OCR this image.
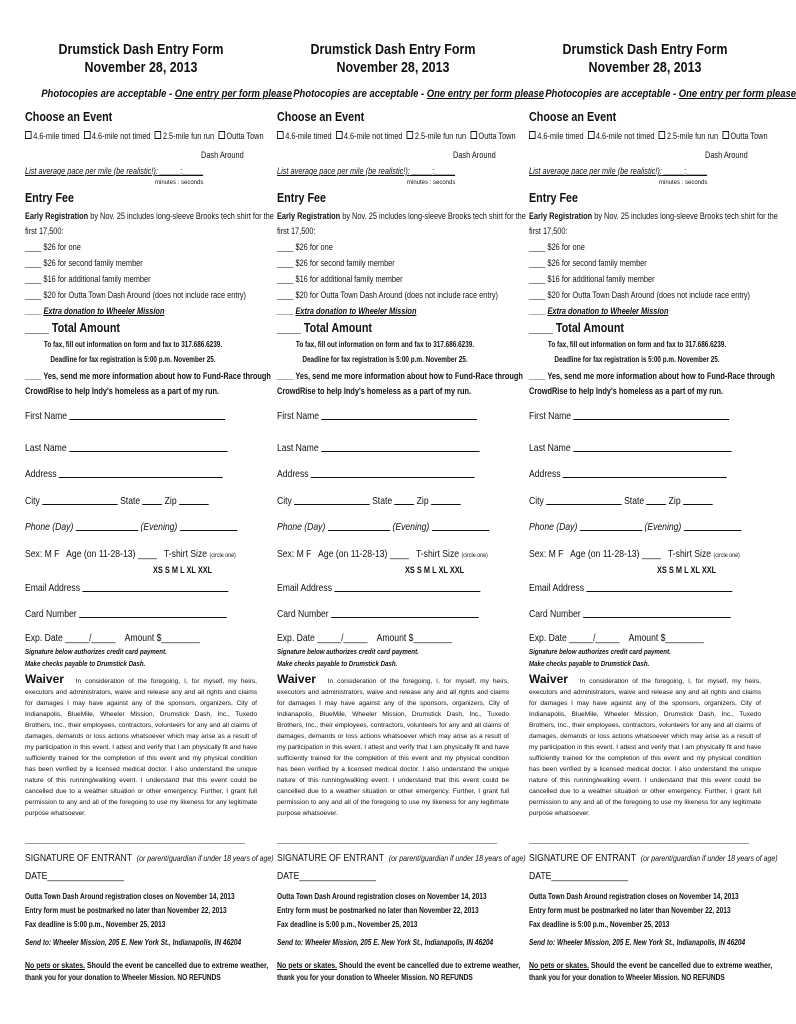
Drumstick Dash Entry Form
November 28, 2013
Photocopies are acceptable - One entry per form please
Choose an Event
4.6-mile timed 4.6-mile not timed 2.5-mile fun run Outta Town
Dash Around
List average pace per mile (be realistic!): _____:_____
minutes : seconds
Entry Fee
Early Registration by Nov. 25 includes long-sleeve Brooks tech shirt for the
first 17,500:
____ $26 for one
____ $26 for second family member
____ $16 for additional family member
____ $20 for Outta Town Dash Around (does not include race entry)
____ Extra donation to Wheeler Mission
____ Total Amount
To fax, fill out information on form and fax to 317.686.6239.
Deadline for fax registration is 5:00 p.m. November 25.
____ Yes, send me more information about how to Fund-Race through
CrowdRise to help Indy's homeless as a part of my run.
First Name
Last Name
Address
City	State Zip
Phone (Day)	(Evening)
Sex: M F Age (on 11-28-13) ____ T-shirt Size (circle one)
XS S M L XL XXL
Email Address
Card Number
Exp. Date _____/_____ Amount $________
Signature below authorizes credit card payment.
Make checks payable to Drumstick Dash.
Waiver In consideration of the foregoing, I, for myself, my heirs, executors and administrators, waive and release any and all rights and claims for damages I may have against any of the sponsors, organizers, City of Indianapolis, BlueMile, Wheeler Mission, Drumstick Dash, Inc., Tuxedo Brothers, Inc., their employees, contractors, volunteers for any and all claims of damages, demands or loss actions whatsoever which may arise as a result of my participation in this event. I attest and verify that I am physically fit and have sufficiently trained for the completion of this event and my physical condition has been verified by a licensed medical doctor. I also understand the unique nature of this running/walking event. I understand that this event could be cancelled due to a weather situation or other emergency. Further, I grant full permission to any and all of the foregoing to use my likeness for any legitimate purpose whatsoever.
SIGNATURE OF ENTRANT (or parent/guardian if under 18 years of age)
DATE________________
Outta Town Dash Around registration closes on November 14, 2013
Entry form must be postmarked no later than November 22, 2013
Fax deadline is 5:00 p.m., November 25, 2013
Send to: Wheeler Mission, 205 E. New York St., Indianapolis, IN 46204
No pets or skates. Should the event be cancelled due to extreme weather,
thank you for your donation to Wheeler Mission. NO REFUNDS
Drumstick Dash Entry Form
November 28, 2013
Photocopies are acceptable - One entry per form please
Choose an Event
4.6-mile timed 4.6-mile not timed 2.5-mile fun run Outta Town
Dash Around
List average pace per mile (be realistic!): _____:_____
minutes : seconds
Entry Fee
Early Registration by Nov. 25 includes long-sleeve Brooks tech shirt for the
first 17,500:
____ $26 for one
____ $26 for second family member
____ $16 for additional family member
____ $20 for Outta Town Dash Around (does not include race entry)
____ Extra donation to Wheeler Mission
____ Total Amount
To fax, fill out information on form and fax to 317.686.6239.
Deadline for fax registration is 5:00 p.m. November 25.
____ Yes, send me more information about how to Fund-Race through
CrowdRise to help Indy's homeless as a part of my run.
First Name
Last Name
Address
City	State Zip
Phone (Day)	(Evening)
Sex: M F Age (on 11-28-13) ____ T-shirt Size (circle one)
XS S M L XL XXL
Email Address
Card Number
Exp. Date _____/_____ Amount $________
Signature below authorizes credit card payment.
Make checks payable to Drumstick Dash.
Waiver In consideration of the foregoing, I, for myself, my heirs, executors and administrators, waive and release any and all rights and claims for damages I may have against any of the sponsors, organizers, City of Indianapolis, BlueMile, Wheeler Mission, Drumstick Dash, Inc., Tuxedo Brothers, Inc., their employees, contractors, volunteers for any and all claims of damages, demands or loss actions whatsoever which may arise as a result of my participation in this event. I attest and verify that I am physically fit and have sufficiently trained for the completion of this event and my physical condition has been verified by a licensed medical doctor. I also understand the unique nature of this running/walking event. I understand that this event could be cancelled due to a weather situation or other emergency. Further, I grant full permission to any and all of the foregoing to use my likeness for any legitimate purpose whatsoever.
SIGNATURE OF ENTRANT (or parent/guardian if under 18 years of age)
DATE________________
Outta Town Dash Around registration closes on November 14, 2013
Entry form must be postmarked no later than November 22, 2013
Fax deadline is 5:00 p.m., November 25, 2013
Send to: Wheeler Mission, 205 E. New York St., Indianapolis, IN 46204
No pets or skates. Should the event be cancelled due to extreme weather,
thank you for your donation to Wheeler Mission. NO REFUNDS
Drumstick Dash Entry Form
November 28, 2013
Photocopies are acceptable - One entry per form please
Choose an Event
4.6-mile timed 4.6-mile not timed 2.5-mile fun run Outta Town
Dash Around
List average pace per mile (be realistic!): _____:_____
minutes : seconds
Entry Fee
Early Registration by Nov. 25 includes long-sleeve Brooks tech shirt for the
first 17,500:
____ $26 for one
____ $26 for second family member
____ $16 for additional family member
____ $20 for Outta Town Dash Around (does not include race entry)
____ Extra donation to Wheeler Mission
____ Total Amount
To fax, fill out information on form and fax to 317.686.6239.
Deadline for fax registration is 5:00 p.m. November 25.
____ Yes, send me more information about how to Fund-Race through
CrowdRise to help Indy's homeless as a part of my run.
First Name
Last Name
Address
City	State Zip
Phone (Day)	(Evening)
Sex: M F Age (on 11-28-13) ____ T-shirt Size (circle one)
XS S M L XL XXL
Email Address
Card Number
Exp. Date _____/_____ Amount $________
Signature below authorizes credit card payment.
Make checks payable to Drumstick Dash.
Waiver In consideration of the foregoing, I, for myself, my heirs, executors and administrators, waive and release any and all rights and claims for damages I may have against any of the sponsors, organizers, City of Indianapolis, BlueMile, Wheeler Mission, Drumstick Dash, Inc., Tuxedo Brothers, Inc., their employees, contractors, volunteers for any and all claims of damages, demands or loss actions whatsoever which may arise as a result of my participation in this event. I attest and verify that I am physically fit and have sufficiently trained for the completion of this event and my physical condition has been verified by a licensed medical doctor. I also understand the unique nature of this running/walking event. I understand that this event could be cancelled due to a weather situation or other emergency. Further, I grant full permission to any and all of the foregoing to use my likeness for any legitimate purpose whatsoever.
SIGNATURE OF ENTRANT (or parent/guardian if under 18 years of age)
DATE________________
Outta Town Dash Around registration closes on November 14, 2013
Entry form must be postmarked no later than November 22, 2013
Fax deadline is 5:00 p.m., November 25, 2013
Send to: Wheeler Mission, 205 E. New York St., Indianapolis, IN 46204
No pets or skates. Should the event be cancelled due to extreme weather,
thank you for your donation to Wheeler Mission. NO REFUNDS
